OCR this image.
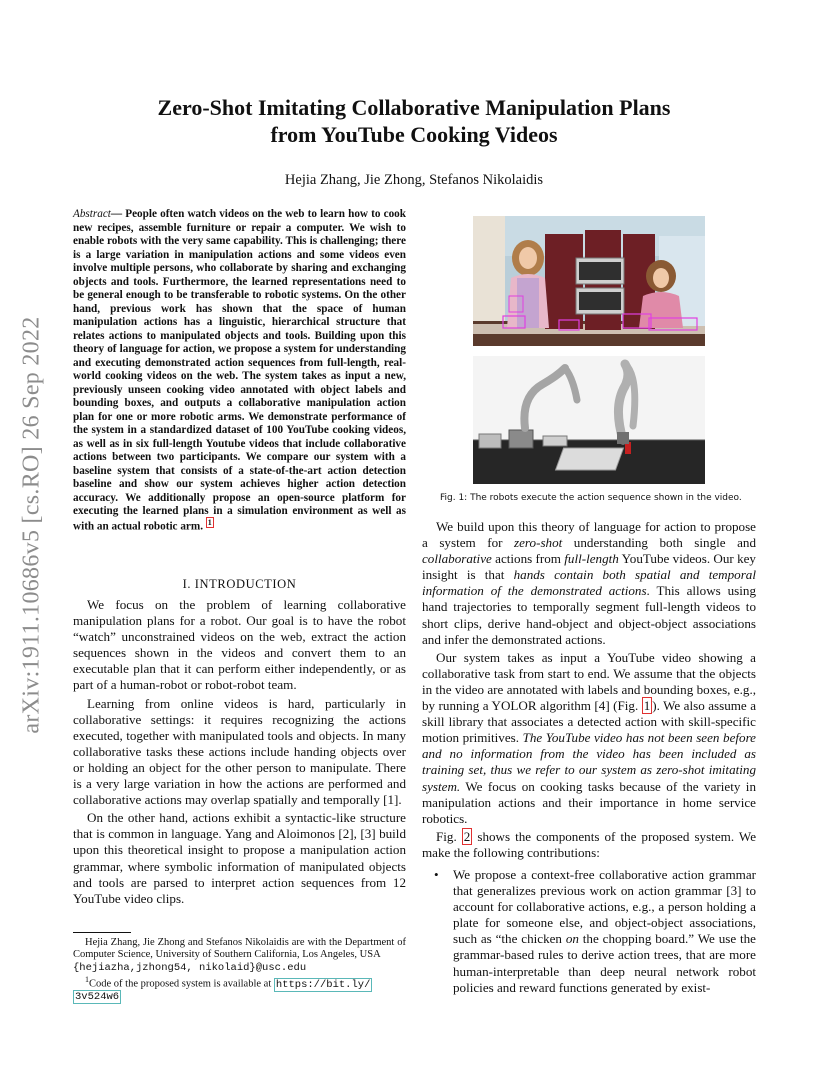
Zero-Shot Imitating Collaborative Manipulation Plans
from YouTube Cooking Videos
Hejia Zhang, Jie Zhong, Stefanos Nikolaidis
arXiv:1911.10686v5 [cs.RO] 26 Sep 2022
Abstract— People often watch videos on the web to learn how to cook new recipes, assemble furniture or repair a computer. We wish to enable robots with the very same capability. This is challenging; there is a large variation in manipulation actions and some videos even involve multiple persons, who collaborate by sharing and exchanging objects and tools. Furthermore, the learned representations need to be general enough to be transferable to robotic systems. On the other hand, previous work has shown that the space of human manipulation actions has a linguistic, hierarchical structure that relates actions to manipulated objects and tools. Building upon this theory of language for action, we propose a system for understanding and executing demonstrated action sequences from full-length, real-world cooking videos on the web. The system takes as input a new, previously unseen cooking video annotated with object labels and bounding boxes, and outputs a collaborative manipulation action plan for one or more robotic arms. We demonstrate performance of the system in a standardized dataset of 100 YouTube cooking videos, as well as in six full-length Youtube videos that include collaborative actions between two participants. We compare our system with a baseline system that consists of a state-of-the-art action detection baseline and show our system achieves higher action detection accuracy. We additionally propose an open-source platform for executing the learned plans in a simulation environment as well as with an actual robotic arm. $^1$
I. INTRODUCTION

We focus on the problem of learning collaborative manipulation plans for a robot. Our goal is to have the robot “watch” unconstrained videos on the web, extract the action sequences shown in the videos and convert them to an executable plan that it can perform either independently, or as part of a human-robot or robot-robot team.

Learning from online videos is hard, particularly in collaborative settings: it requires recognizing the actions executed, together with manipulated tools and objects. In many collaborative tasks these actions include handing objects over or holding an object for the other person to manipulate. There is a very large variation in how the actions are performed and collaborative actions may overlap spatially and temporally [1].

On the other hand, actions exhibit a syntactic-like structure that is common in language. Yang and Aloimonos [2], [3] build upon this theoretical insight to propose a manipulation action grammar, where symbolic information of manipulated objects and tools are parsed to interpret action sequences from 12 YouTube video clips.

Hejia Zhang, Jie Zhong and Stefanos Nikolaidis are with the Department of Computer Science, University of Southern California, Los Angeles, USA
{hejiazha,jzhong54, nikolaid}@usc.edu
$^1$Code of the proposed system is available at https://bit.ly/
3v524w6
Fig. 1: The robots execute the action sequence shown in the video.

We build upon this theory of language for action to propose a system for zero-shot understanding both single and collaborative actions from full-length YouTube videos. Our key insight is that hands contain both spatial and temporal information of the demonstrated actions. This allows using hand trajectories to temporally segment full-length videos to short clips, derive hand-object and object-object associations and infer the demonstrated actions.

Our system takes as input a YouTube video showing a collaborative task from start to end. We assume that the objects in the video are annotated with labels and bounding boxes, e.g., by running a YOLOR algorithm [4] (Fig. 1 ). We also assume a skill library that associates a detected action with skill-specific motion primitives. The YouTube video has not been seen before and no information from the video has been included as training set, thus we refer to our system as zero-shot imitating system. We focus on cooking tasks because of the variety in manipulation actions and their importance in home service robotics.

Fig. 2 shows the components of the proposed system. We make the following contributions:

• We propose a context-free collaborative action grammar that generalizes previous work on action grammar [3] to account for collaborative actions, e.g., a person holding a plate for someone else, and object-object associations, such as “the chicken on the chopping board.” We use the grammar-based rules to derive action trees, that are more human-interpretable than deep neural network robot policies and reward functions generated by exist-
